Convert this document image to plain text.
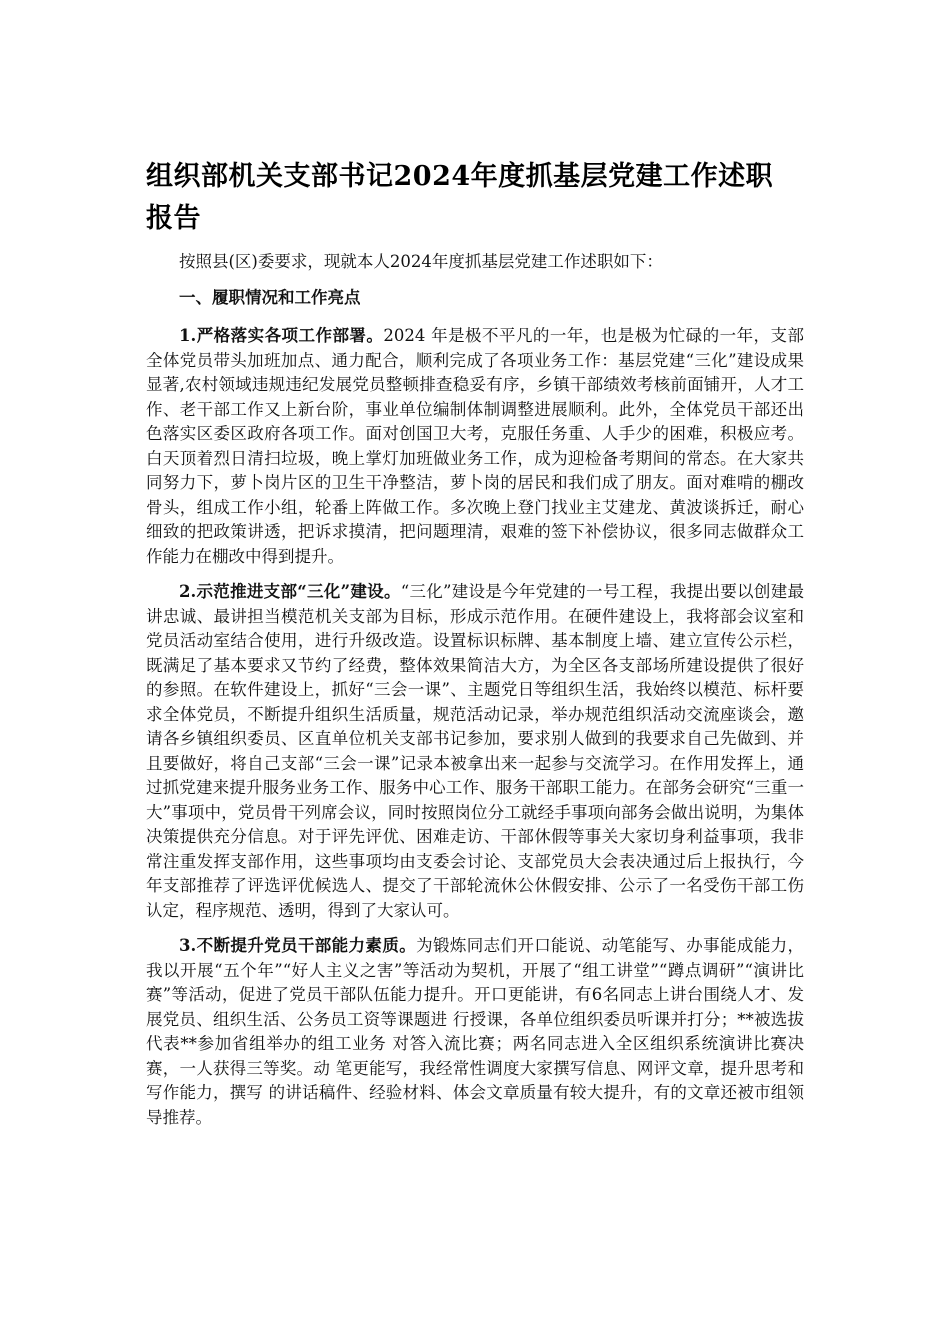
组织部机关支部书记2024年度抓基层党建工作述职 报告

按照县(区)委要求，现就本人2024年度抓基层党建工作述职如下：

一、履职情况和工作亮点

1.严格落实各项工作部署。2024 年是极不平凡的一年，也是极为忙碌的一年，支部全体党员带头加班加点、通力配合，顺利完成了各项业务工作：基层党建“三化”建设成果显著,农村领域违规违纪发展党员整顿排查稳妥有序，乡镇干部绩效考核前面铺开，人才工作、老干部工作又上新台阶，事业单位编制体制调整进展顺利。此外，全体党员干部还出色落实区委区政府各项工作。面对创国卫大考，克服任务重、人手少的困难，积极应考。白天顶着烈日清扫垃圾，晚上掌灯加班做业务工作，成为迎检备考期间的常态。在大家共同努力下，萝卜岗片区的卫生干净整洁，萝卜岗的居民和我们成了朋友。面对难啃的棚改骨头，组成工作小组，轮番上阵做工作。多次晚上登门找业主艾建龙、黄波谈拆迁，耐心细致的把政策讲透，把诉求摸清，把问题理清，艰难的签下补偿协议，很多同志做群众工作能力在棚改中得到提升。

2.示范推进支部“三化”建设。“三化”建设是今年党建的一号工程，我提出要以创建最讲忠诚、最讲担当模范机关支部为目标，形成示范作用。在硬件建设上，我将部会议室和党员活动室结合使用，进行升级改造。设置标识标牌、基本制度上墙、建立宣传公示栏，既满足了基本要求又节约了经费，整体效果简洁大方，为全区各支部场所建设提供了很好的参照。在软件建设上，抓好“三会一课”、主题党日等组织生活，我始终以模范、标杆要求全体党员，不断提升组织生活质量，规范活动记录，举办规范组织活动交流座谈会，邀请各乡镇组织委员、区直单位机关支部书记参加，要求别人做到的我要求自己先做到、并且要做好，将自己支部“三会一课”记录本被拿出来一起参与交流学习。在作用发挥上，通过抓党建来提升服务业务工作、服务中心工作、服务干部职工能力。在部务会研究“三重一大”事项中，党员骨干列席会议，同时按照岗位分工就经手事项向部务会做出说明，为集体决策提供充分信息。对于评先评优、困难走访、干部休假等事关大家切身利益事项，我非常注重发挥支部作用，这些事项均由支委会讨论、支部党员大会表决通过后上报执行，今年支部推荐了评选评优候选人、提交了干部轮流休公休假安排、公示了一名受伤干部工伤认定，程序规范、透明，得到了大家认可。

3.不断提升党员干部能力素质。为锻炼同志们开口能说、动笔能写、办事能成能力，我以开展“五个年”“好人主义之害”等活动为契机，开展了“组工讲堂”“蹲点调研”“演讲比赛”等活动，促进了党员干部队伍能力提升。开口更能讲，有6名同志上讲台围绕人才、发展党员、组织生活、公务员工资等课题进 行授课，各单位组织委员听课并打分；**被选拔代表**参加省组举办的组工业务 对答入流比赛；两名同志进入全区组织系统演讲比赛决赛，一人获得三等奖。动 笔更能写，我经常性调度大家撰写信息、网评文章，提升思考和写作能力，撰写 的讲话稿件、经验材料、体会文章质量有较大提升，有的文章还被市组领导推荐。
